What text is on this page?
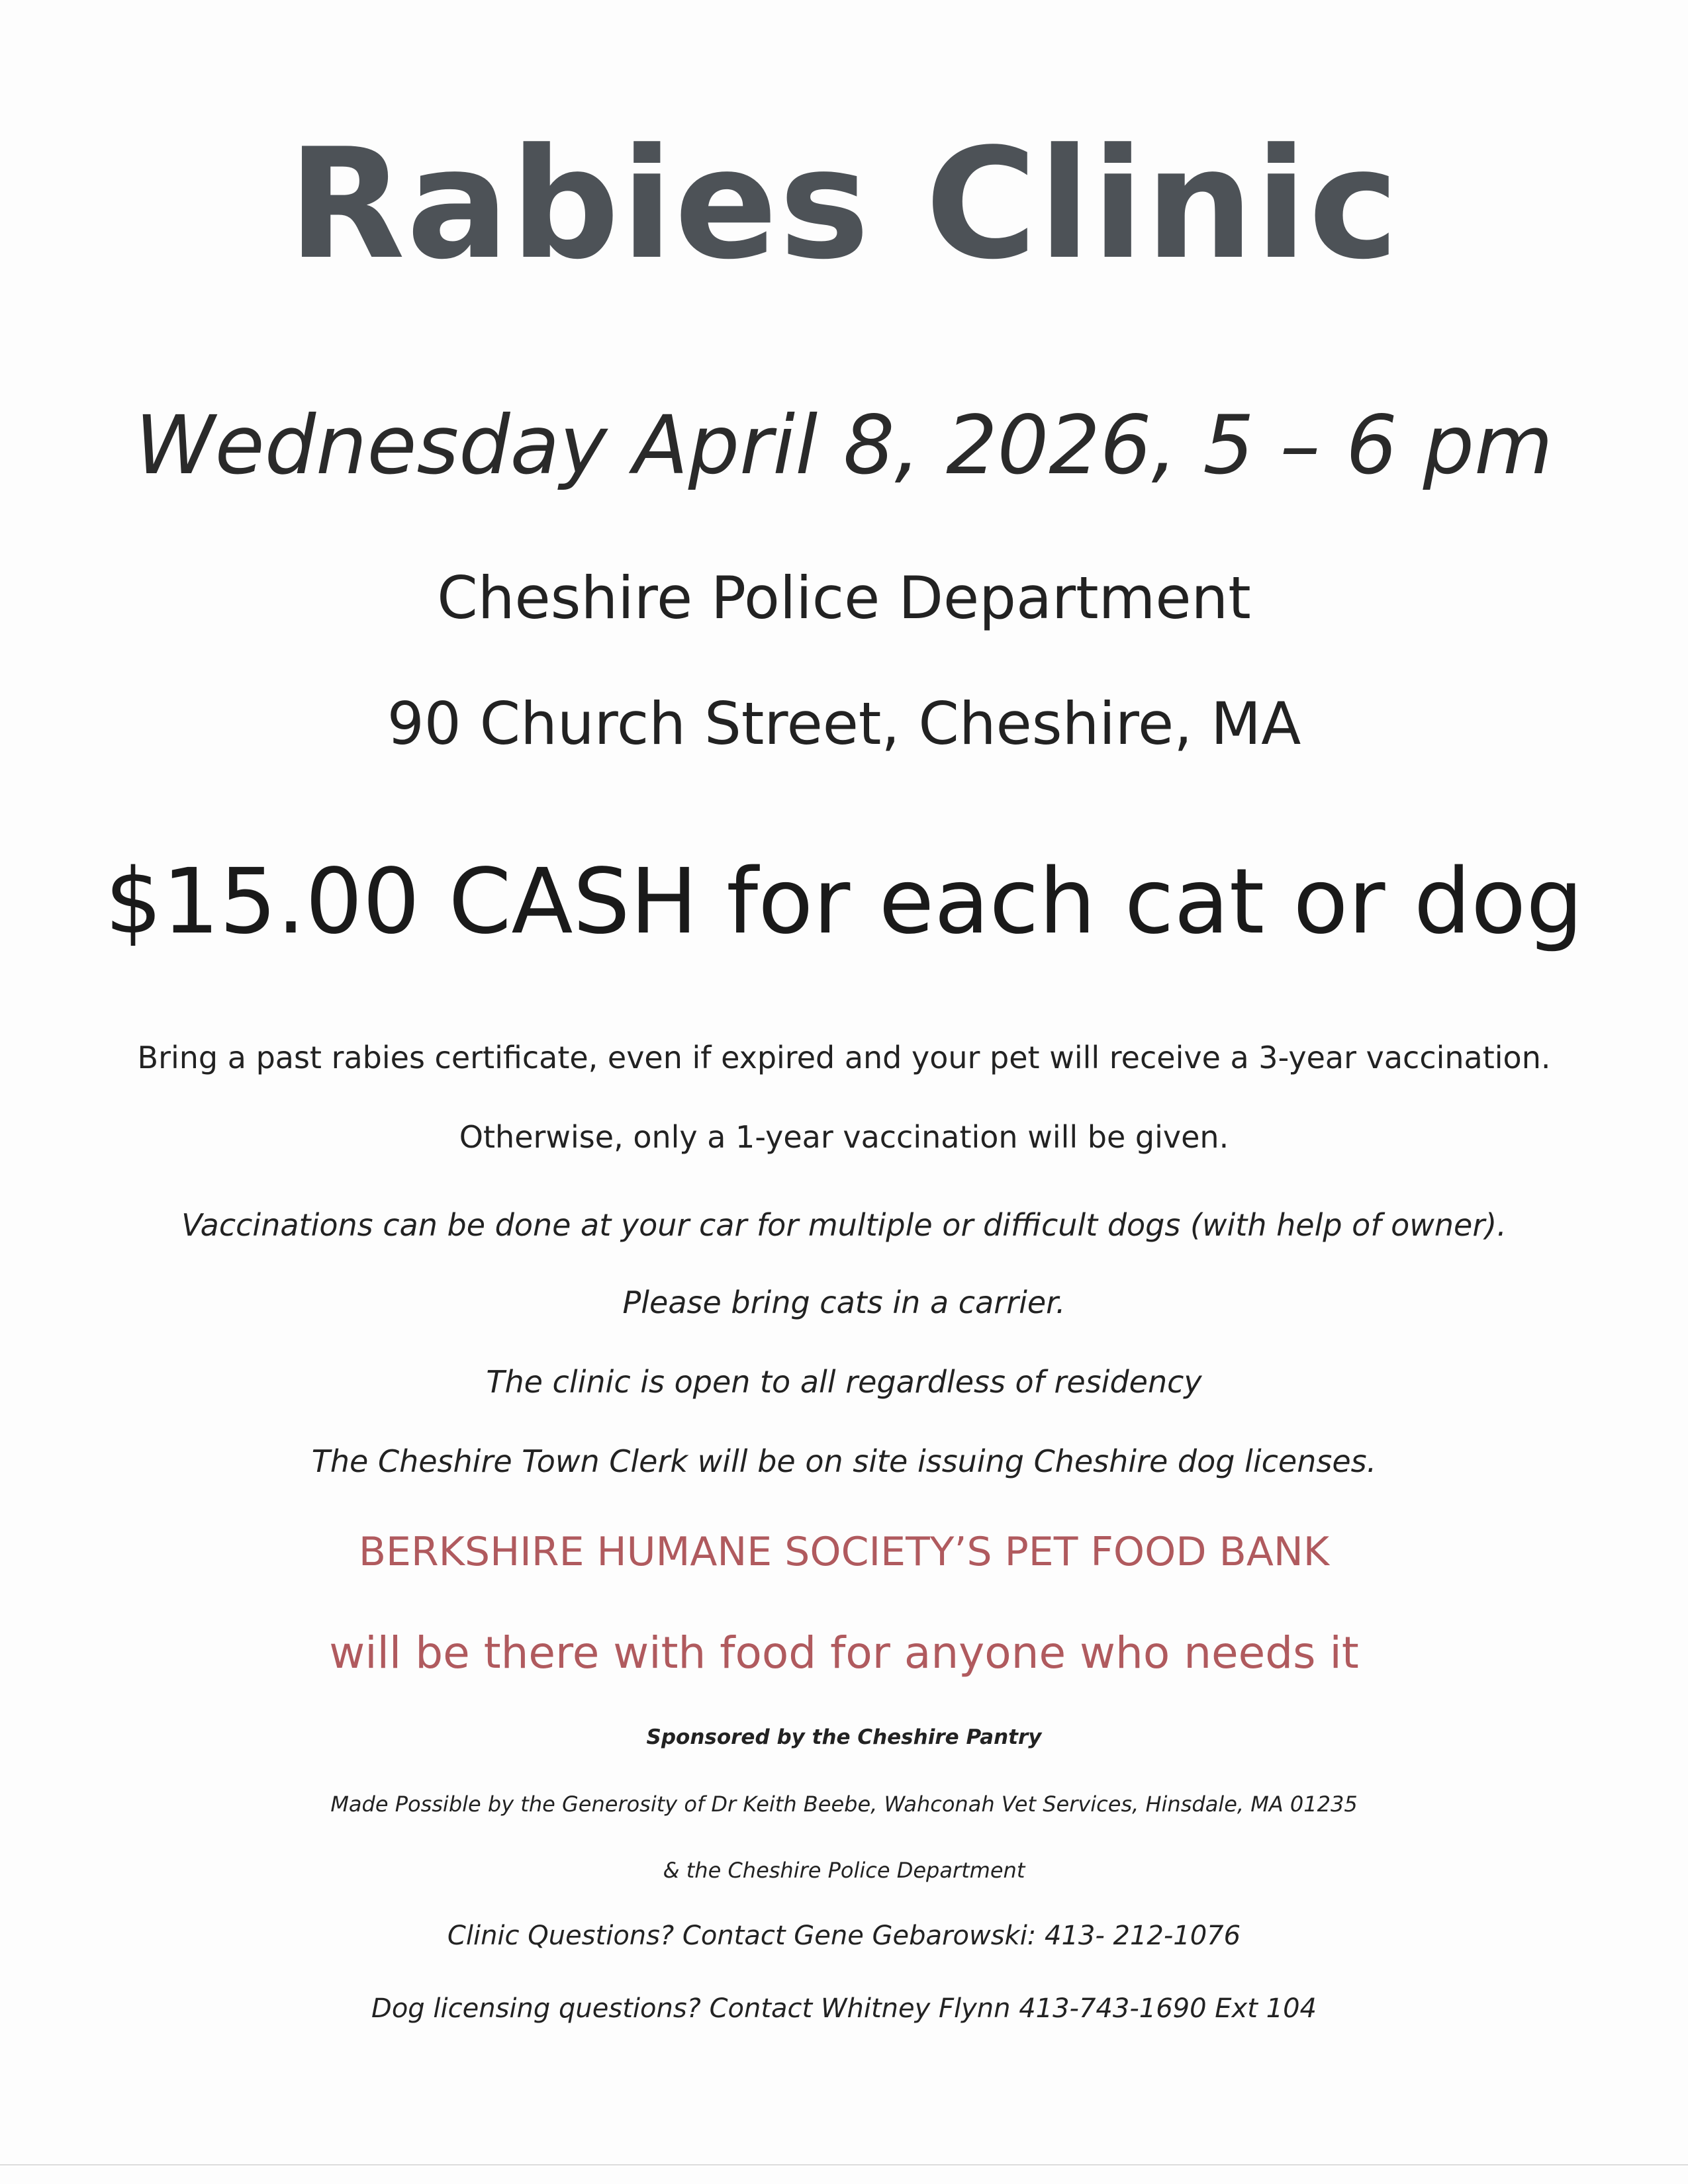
Rabies Clinic
Wednesday April 8, 2026, 5 – 6 pm
Cheshire Police Department
90 Church Street, Cheshire, MA
$15.00 CASH for each cat or dog
Bring a past rabies certificate, even if expired and your pet will receive a 3-year vaccination.
Otherwise, only a 1-year vaccination will be given.
Vaccinations can be done at your car for multiple or difficult dogs (with help of owner).
Please bring cats in a carrier.
The clinic is open to all regardless of residency
The Cheshire Town Clerk will be on site issuing Cheshire dog licenses.
BERKSHIRE HUMANE SOCIETY’S PET FOOD BANK
will be there with food for anyone who needs it
Sponsored by the Cheshire Pantry
Made Possible by the Generosity of Dr Keith Beebe, Wahconah Vet Services, Hinsdale, MA 01235
& the Cheshire Police Department
Clinic Questions? Contact Gene Gebarowski: 413- 212-1076
Dog licensing questions? Contact Whitney Flynn 413-743-1690 Ext 104
